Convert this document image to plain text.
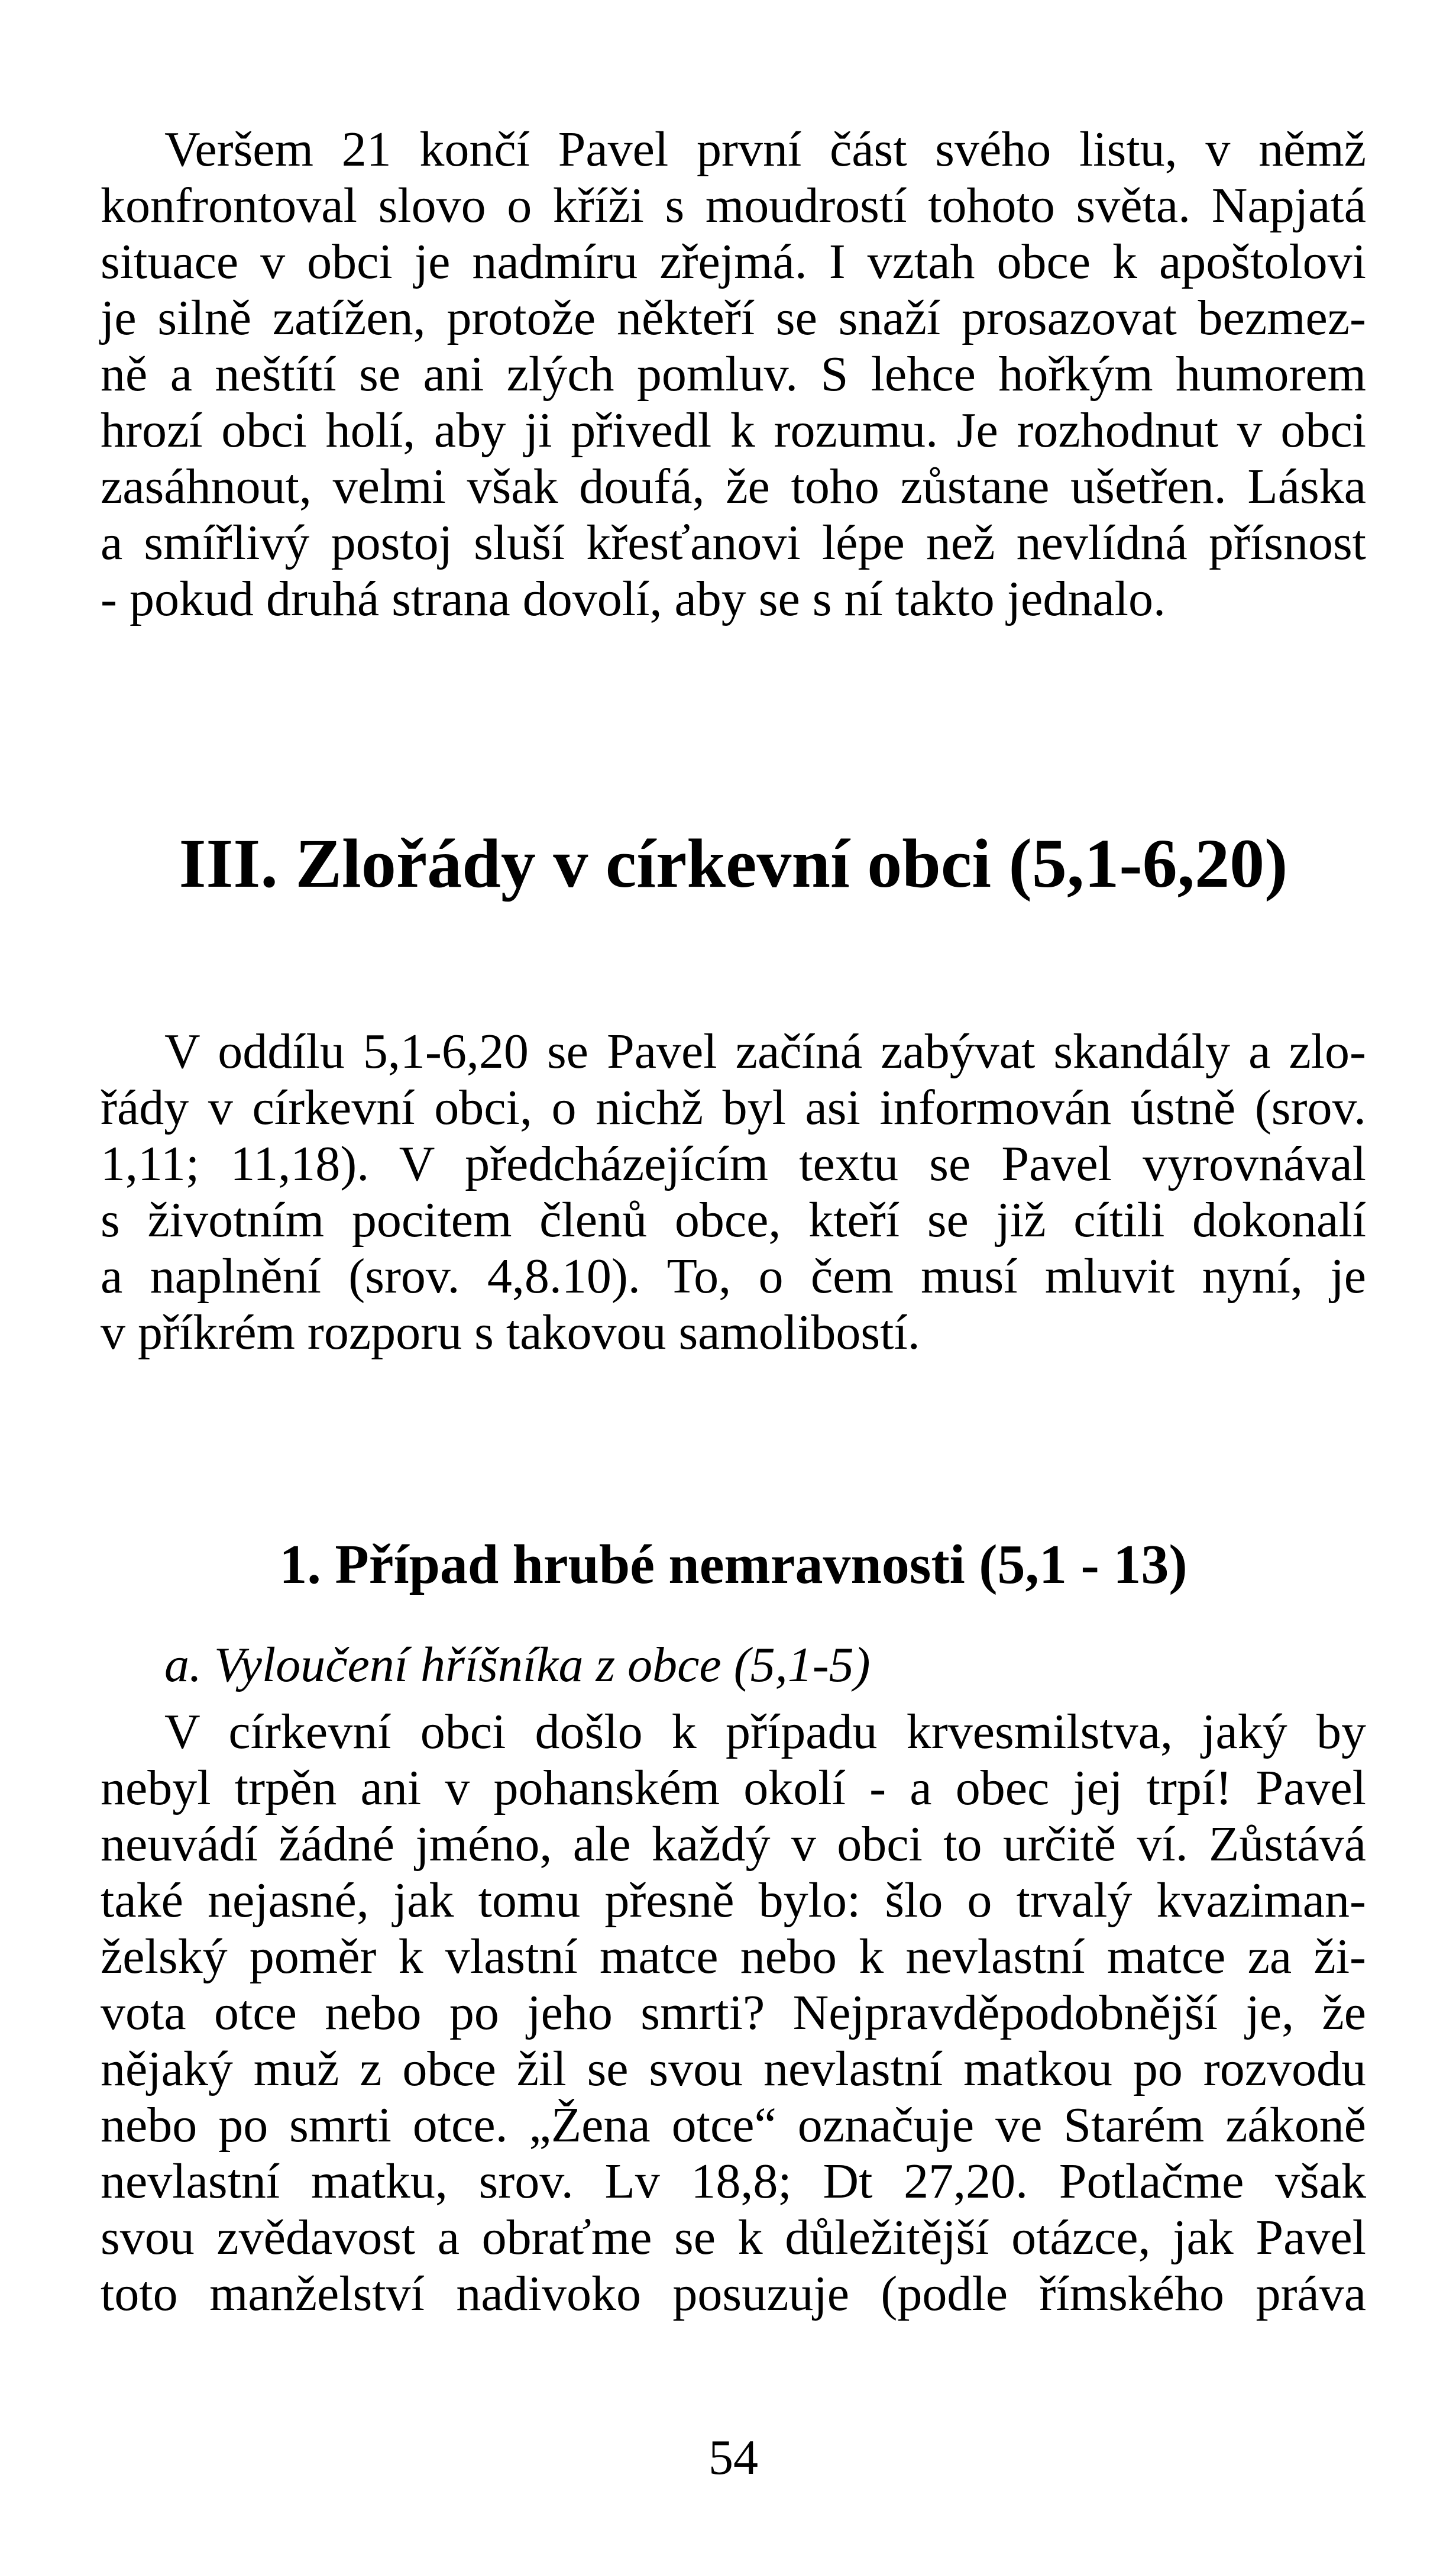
Veršem 21 končí Pavel první část svého listu, v němž
konfrontoval slovo o kříži s moudrostí tohoto světa. Napjatá
situace v obci je nadmíru zřejmá. I vztah obce k apoštolovi
je silně zatížen, protože někteří se snaží prosazovat bezmez-
ně a neštítí se ani zlých pomluv. S lehce hořkým humorem
hrozí obci holí, aby ji přivedl k rozumu. Je rozhodnut v obci
zasáhnout, velmi však doufá, že toho zůstane ušetřen. Láska
a smířlivý postoj sluší křesťanovi lépe než nevlídná přísnost
- pokud druhá strana dovolí, aby se s ní takto jednalo.
III. Zlořády v církevní obci (5,1-6,20)
V oddílu 5,1-6,20 se Pavel začíná zabývat skandály a zlo-
řády v církevní obci, o nichž byl asi informován ústně (srov.
1,11; 11,18). V předcházejícím textu se Pavel vyrovnával
s životním pocitem členů obce, kteří se již cítili dokonalí
a naplnění (srov. 4,8.10). To, o čem musí mluvit nyní, je
v příkrém rozporu s takovou samolibostí.
1. Případ hrubé nemravnosti (5,1 - 13)
a. Vyloučení hříšníka z obce (5,1-5)
V církevní obci došlo k případu krvesmilstva, jaký by
nebyl trpěn ani v pohanském okolí - a obec jej trpí! Pavel
neuvádí žádné jméno, ale každý v obci to určitě ví. Zůstává
také nejasné, jak tomu přesně bylo: šlo o trvalý kvaziman-
želský poměr k vlastní matce nebo k nevlastní matce za ži-
vota otce nebo po jeho smrti? Nejpravděpodobnější je, že
nějaký muž z obce žil se svou nevlastní matkou po rozvodu
nebo po smrti otce. „Žena otce“ označuje ve Starém zákoně
nevlastní matku, srov. Lv 18,8; Dt 27,20. Potlačme však
svou zvědavost a obraťme se k důležitější otázce, jak Pavel
toto manželství nadivoko posuzuje (podle římského práva
54
